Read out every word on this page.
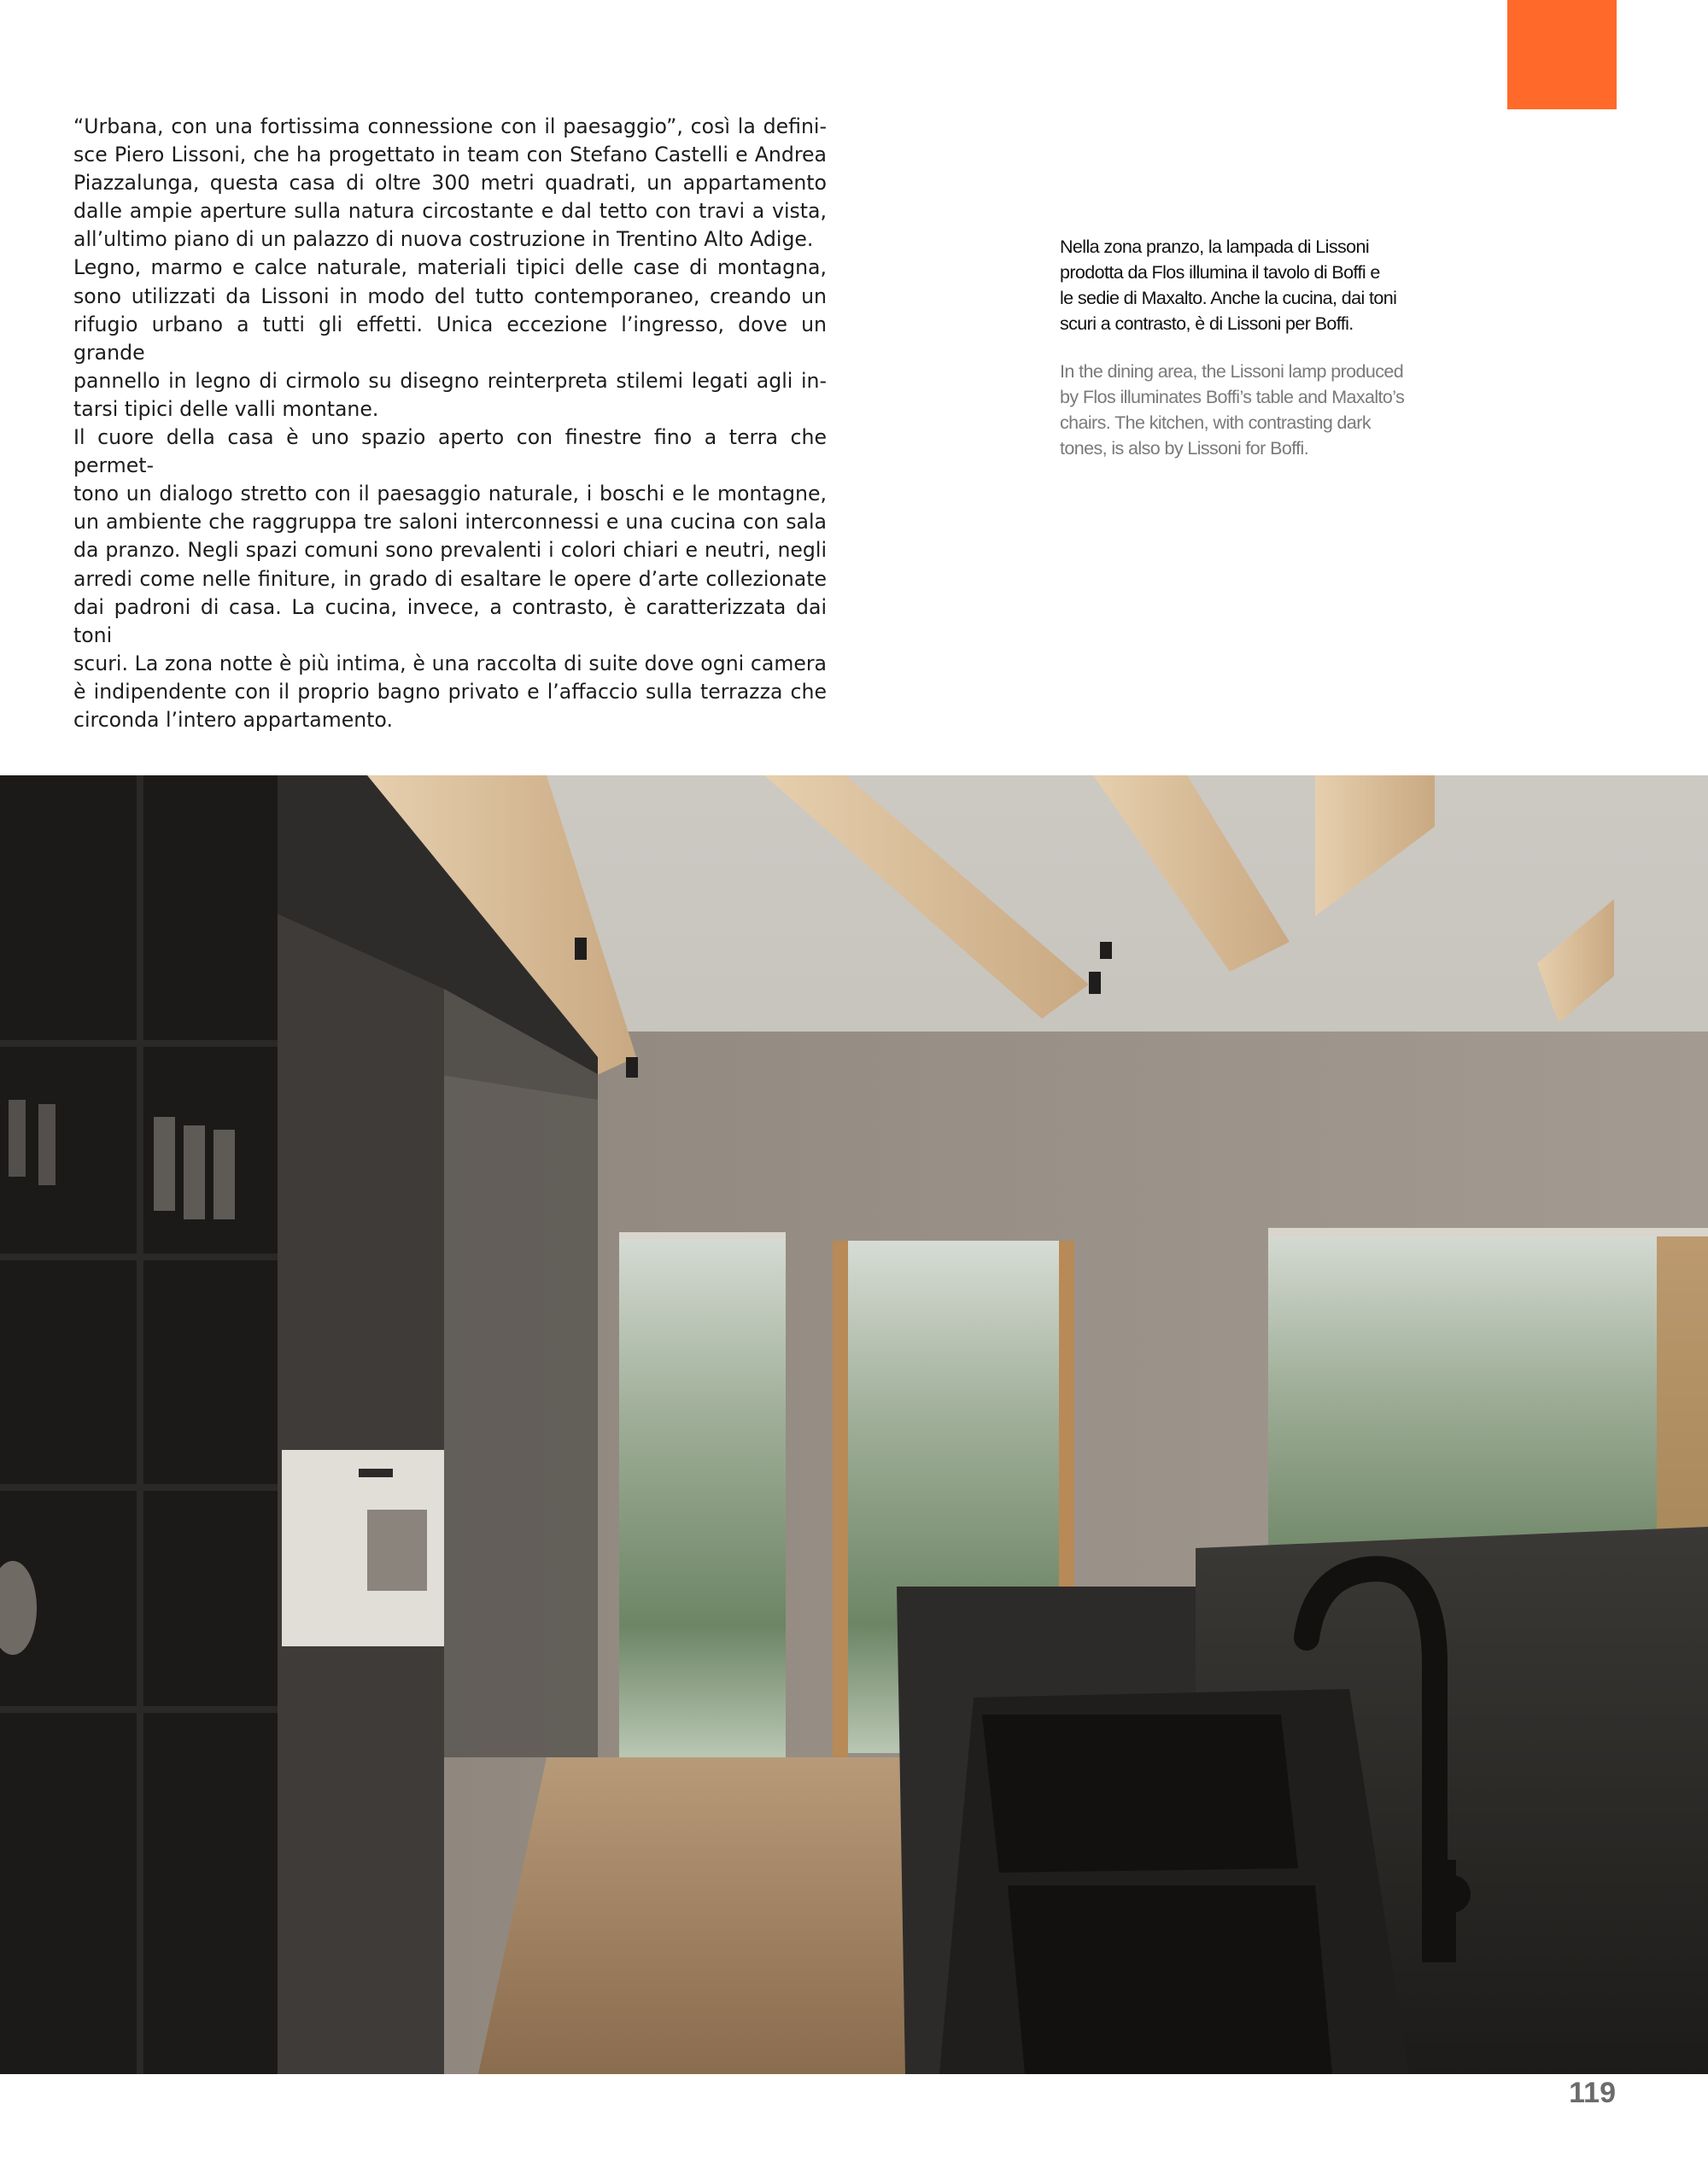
“Urbana, con una fortissima connessione con il paesaggio”, così la defini-

sce Piero Lissoni, che ha progettato in team con Stefano Castelli e Andrea

Piazzalunga, questa casa di oltre 300 metri quadrati, un appartamento

dalle ampie aperture sulla natura circostante e dal tetto con travi a vista,

all’ultimo piano di un palazzo di nuova costruzione in Trentino Alto Adige.

Legno, marmo e calce naturale, materiali tipici delle case di montagna,

sono utilizzati da Lissoni in modo del tutto contemporaneo, creando un

rifugio urbano a tutti gli effetti. Unica eccezione l’ingresso, dove un grande

pannello in legno di cirmolo su disegno reinterpreta stilemi legati agli in-

tarsi tipici delle valli montane.

Il cuore della casa è uno spazio aperto con finestre fino a terra che permet-

tono un dialogo stretto con il paesaggio naturale, i boschi e le montagne,

un ambiente che raggruppa tre saloni interconnessi e una cucina con sala

da pranzo. Negli spazi comuni sono prevalenti i colori chiari e neutri, negli

arredi come nelle finiture, in grado di esaltare le opere d’arte collezionate

dai padroni di casa. La cucina, invece, a contrasto, è caratterizzata dai toni

scuri. La zona notte è più intima, è una raccolta di suite dove ogni camera

è indipendente con il proprio bagno privato e l’affaccio sulla terrazza che

circonda l’intero appartamento.

Nella zona pranzo, la lampada di Lissoni
prodotta da Flos illumina il tavolo di Boffi e
le sedie di Maxalto. Anche la cucina, dai toni
scuri a contrasto, è di Lissoni per Boffi.
In the dining area, the Lissoni lamp produced
by Flos illuminates Boffi’s table and Maxalto’s
chairs. The kitchen, with contrasting dark
tones, is also by Lissoni for Boffi.
119
